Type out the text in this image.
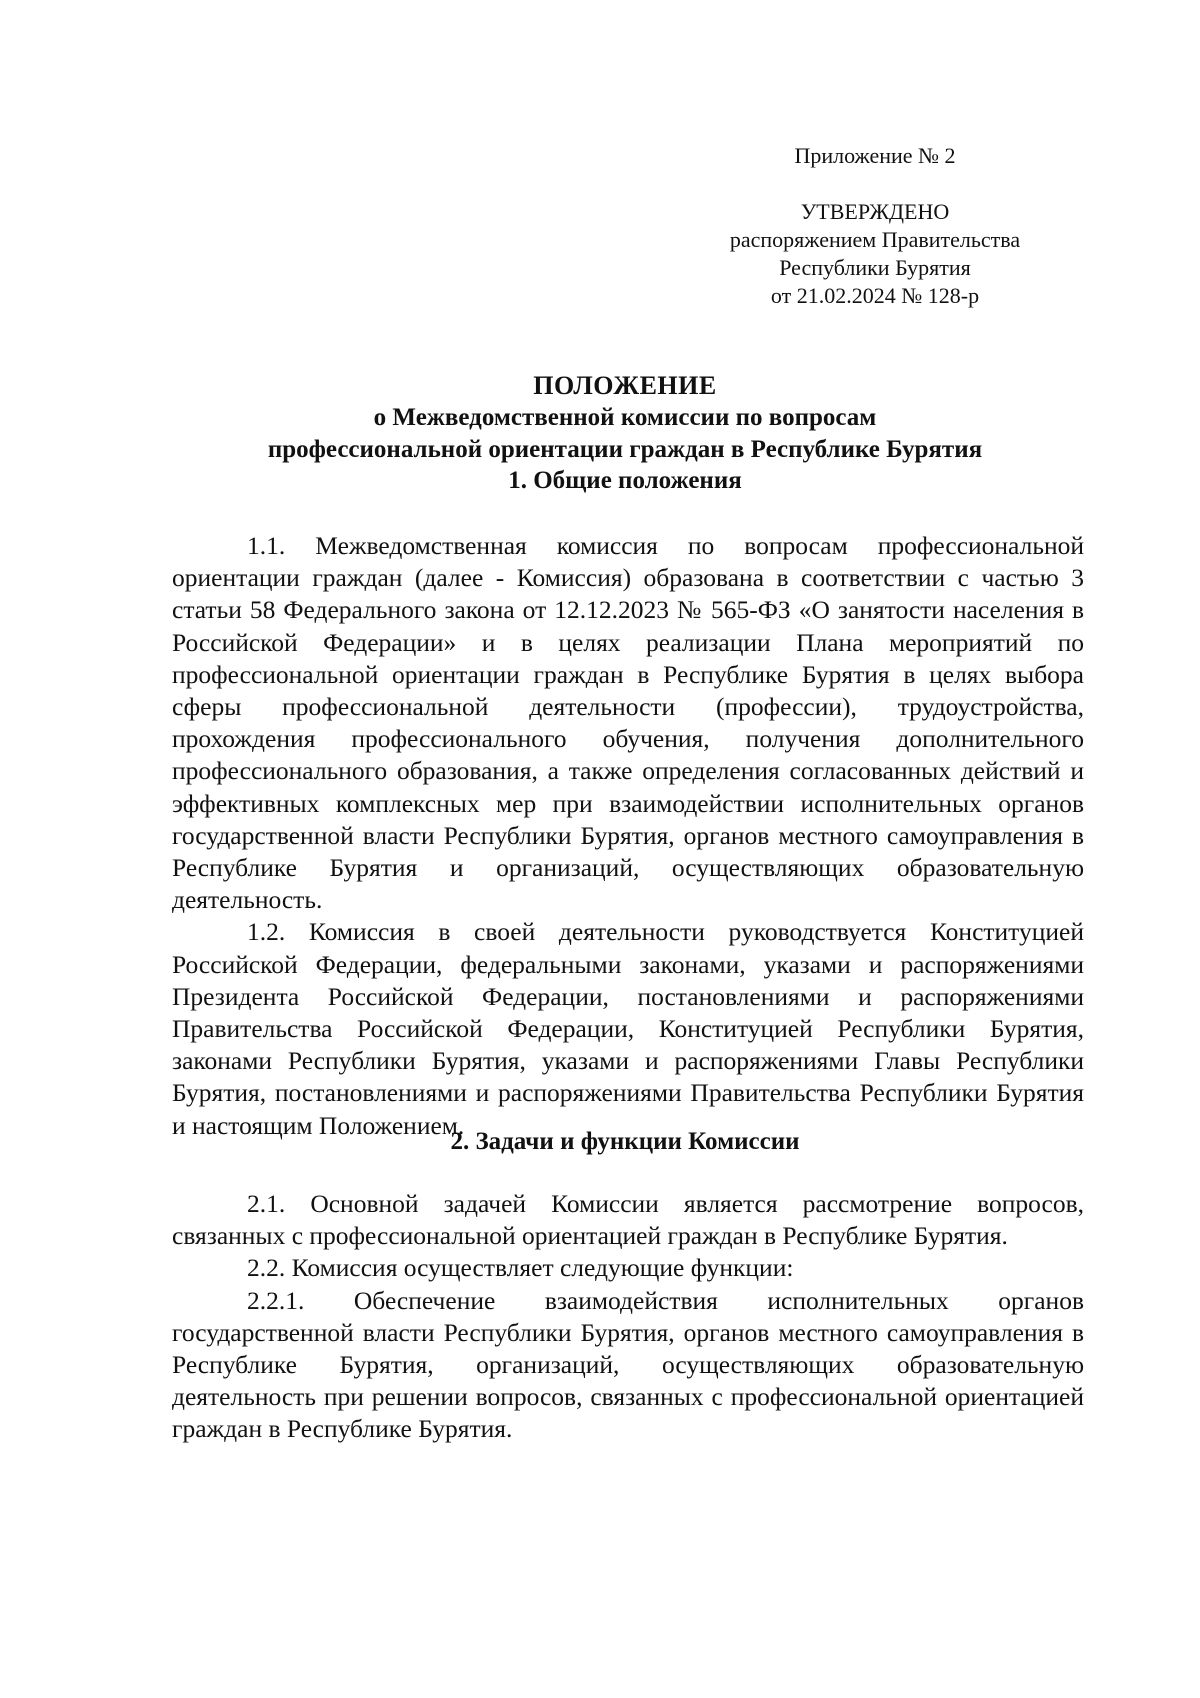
Приложение № 2
УТВЕРЖДЕНО
распоряжением Правительства
Республики Бурятия
от 21.02.2024 № 128-р
ПОЛОЖЕНИЕ
о Межведомственной комиссии по вопросам
профессиональной ориентации граждан в Республике Бурятия
1. Общие положения

1.1. Межведомственная комиссия по вопросам профессиональной ориентации граждан (далее - Комиссия) образована в соответствии с частью 3 статьи 58 Федерального закона от 12.12.2023 № 565-ФЗ «О занятости населения в Российской Федерации» и в целях реализации Плана мероприятий по профессиональной ориентации граждан в Республике Бурятия в целях выбора сферы профессиональной деятельности (профессии), трудоустройства, прохождения профессионального обучения, получения дополнительного профессионального образования, а также определения согласованных действий и эффективных комплексных мер при взаимодействии исполнительных органов государственной власти Республики Бурятия, органов местного самоуправления в Республике Бурятия и организаций, осуществляющих образовательную деятельность.

1.2. Комиссия в своей деятельности руководствуется Конституцией Российской Федерации, федеральными законами, указами и распоряжениями Президента Российской Федерации, постановлениями и распоряжениями Правительства Российской Федерации, Конституцией Республики Бурятия, законами Республики Бурятия, указами и распоряжениями Главы Республики Бурятия, постановлениями и распоряжениями Правительства Республики Бурятия и настоящим Положением.

2. Задачи и функции Комиссии

2.1. Основной задачей Комиссии является рассмотрение вопросов, связанных с профессиональной ориентацией граждан в Республике Бурятия.

2.2. Комиссия осуществляет следующие функции:

2.2.1. Обеспечение взаимодействия исполнительных органов государственной власти Республики Бурятия, органов местного самоуправления в Республике Бурятия, организаций, осуществляющих образовательную деятельность при решении вопросов, связанных с профессиональной ориентацией граждан в Республике Бурятия.
